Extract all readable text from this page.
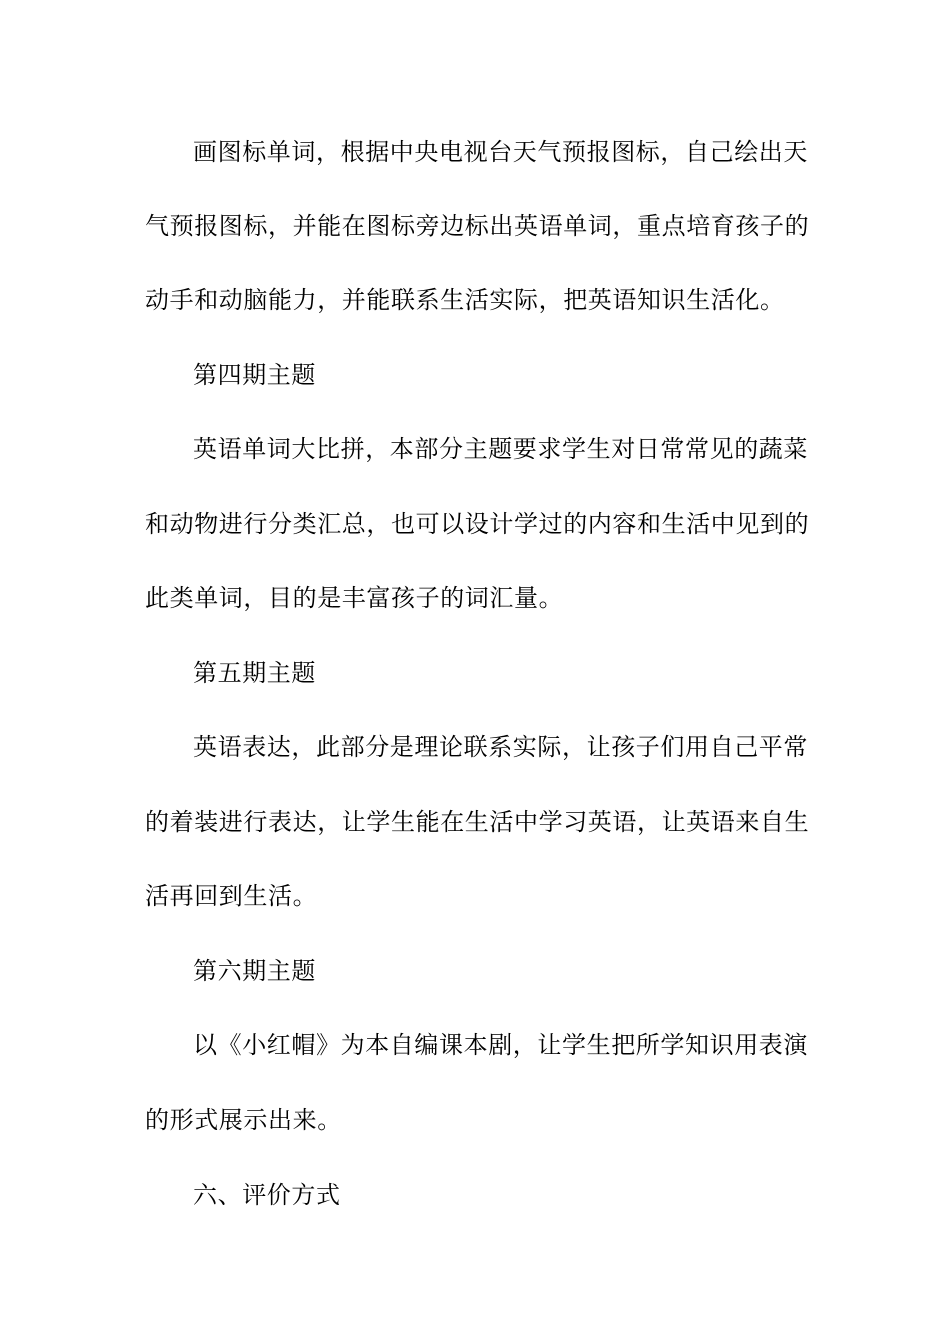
画图标单词，根据中央电视台天气预报图标，自己绘出天
气预报图标，并能在图标旁边标出英语单词，重点培育孩子的
动手和动脑能力，并能联系生活实际，把英语知识生活化。
第四期主题
英语单词大比拼，本部分主题要求学生对日常常见的蔬菜
和动物进行分类汇总，也可以设计学过的内容和生活中见到的
此类单词，目的是丰富孩子的词汇量。
第五期主题
英语表达，此部分是理论联系实际，让孩子们用自己平常
的着装进行表达，让学生能在生活中学习英语，让英语来自生
活再回到生活。
第六期主题
以《小红帽》为本自编课本剧，让学生把所学知识用表演
的形式展示出来。
六、评价方式
